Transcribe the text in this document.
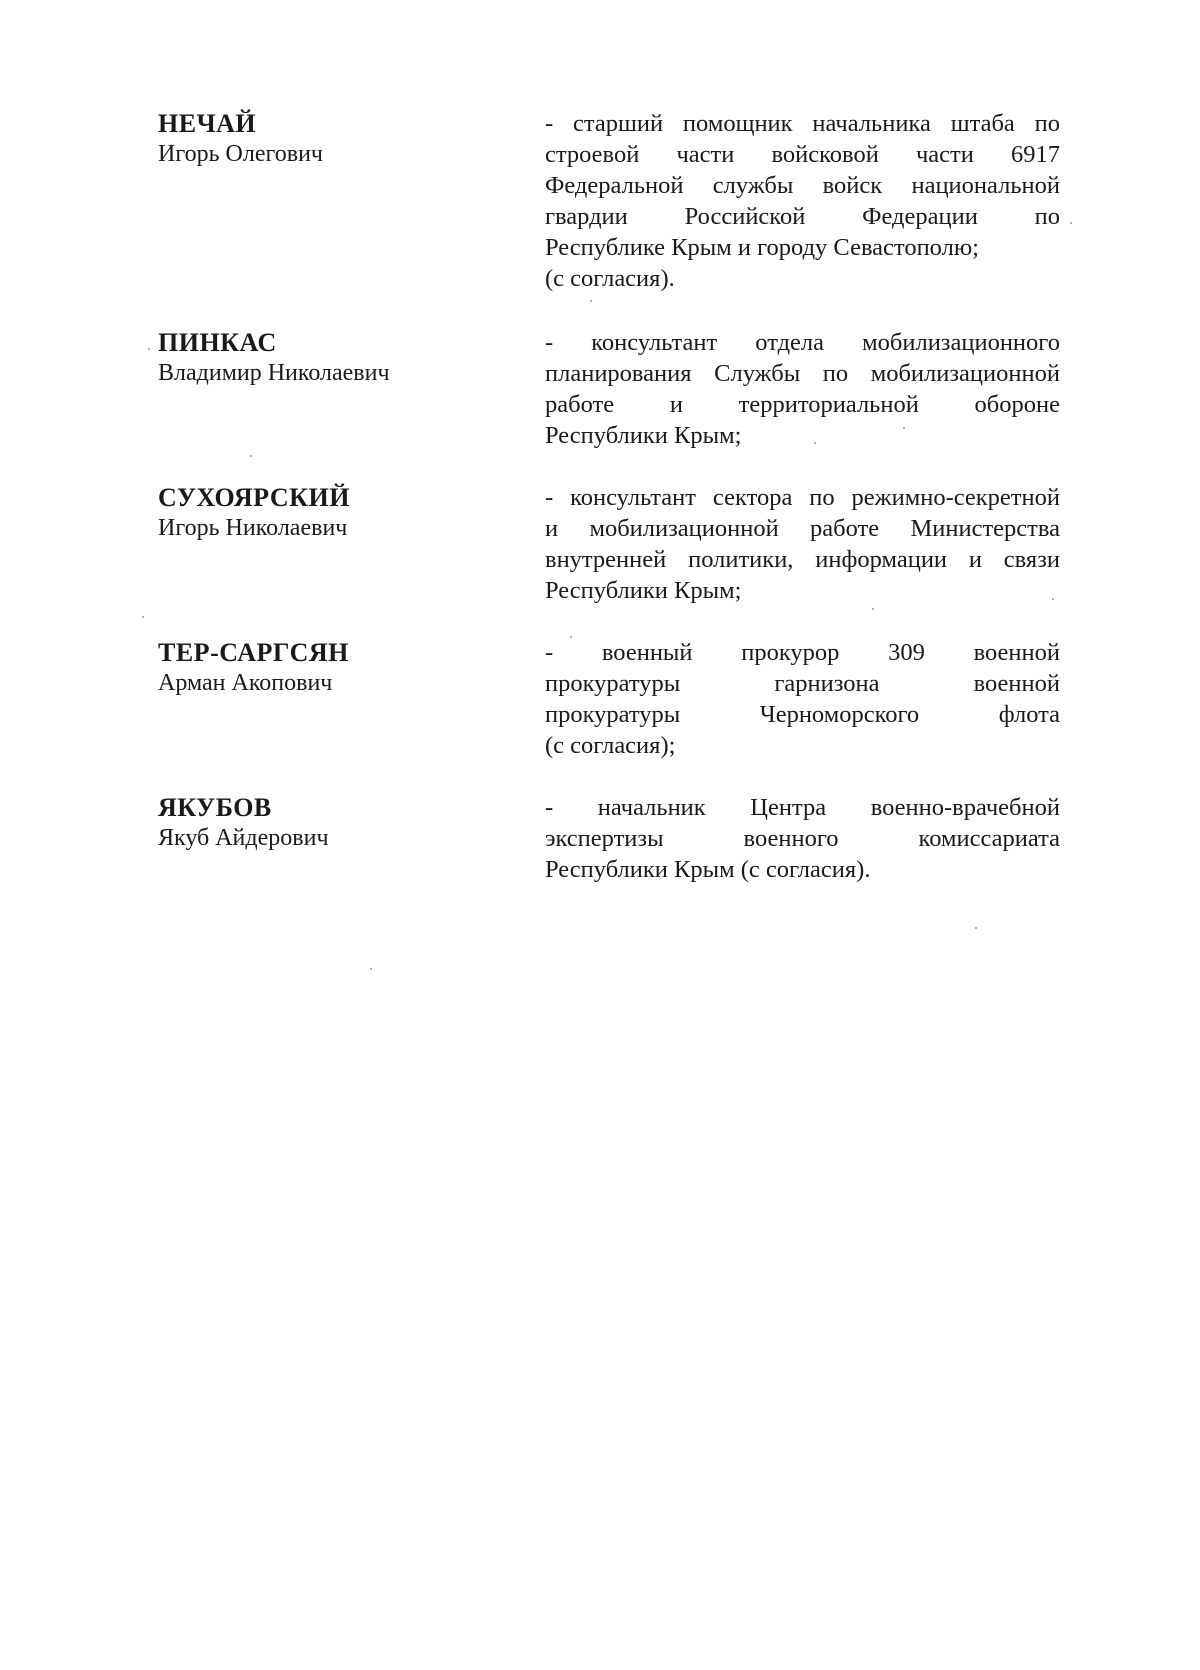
НЕЧАЙ
Игорь Олегович
- старший помощник начальника штаба по
строевой части войсковой части 6917
Федеральной службы войск национальной
гвардии Российской Федерации по
Республике Крым и городу Севастополю;
(с согласия).
ПИНКАС
Владимир Николаевич
- консультант отдела мобилизационного
планирования Службы по мобилизационной
работе и территориальной обороне
Республики Крым;
СУХОЯРСКИЙ
Игорь Николаевич
- консультант сектора по режимно-секретной
и мобилизационной работе Министерства
внутренней политики, информации и связи
Республики Крым;
ТЕР-САРГСЯН
Арман Акопович
- военный прокурор 309 военной
прокуратуры гарнизона военной
прокуратуры Черноморского флота
(с согласия);
ЯКУБОВ
Якуб Айдерович
- начальник Центра военно-врачебной
экспертизы военного комиссариата
Республики Крым (с согласия).
